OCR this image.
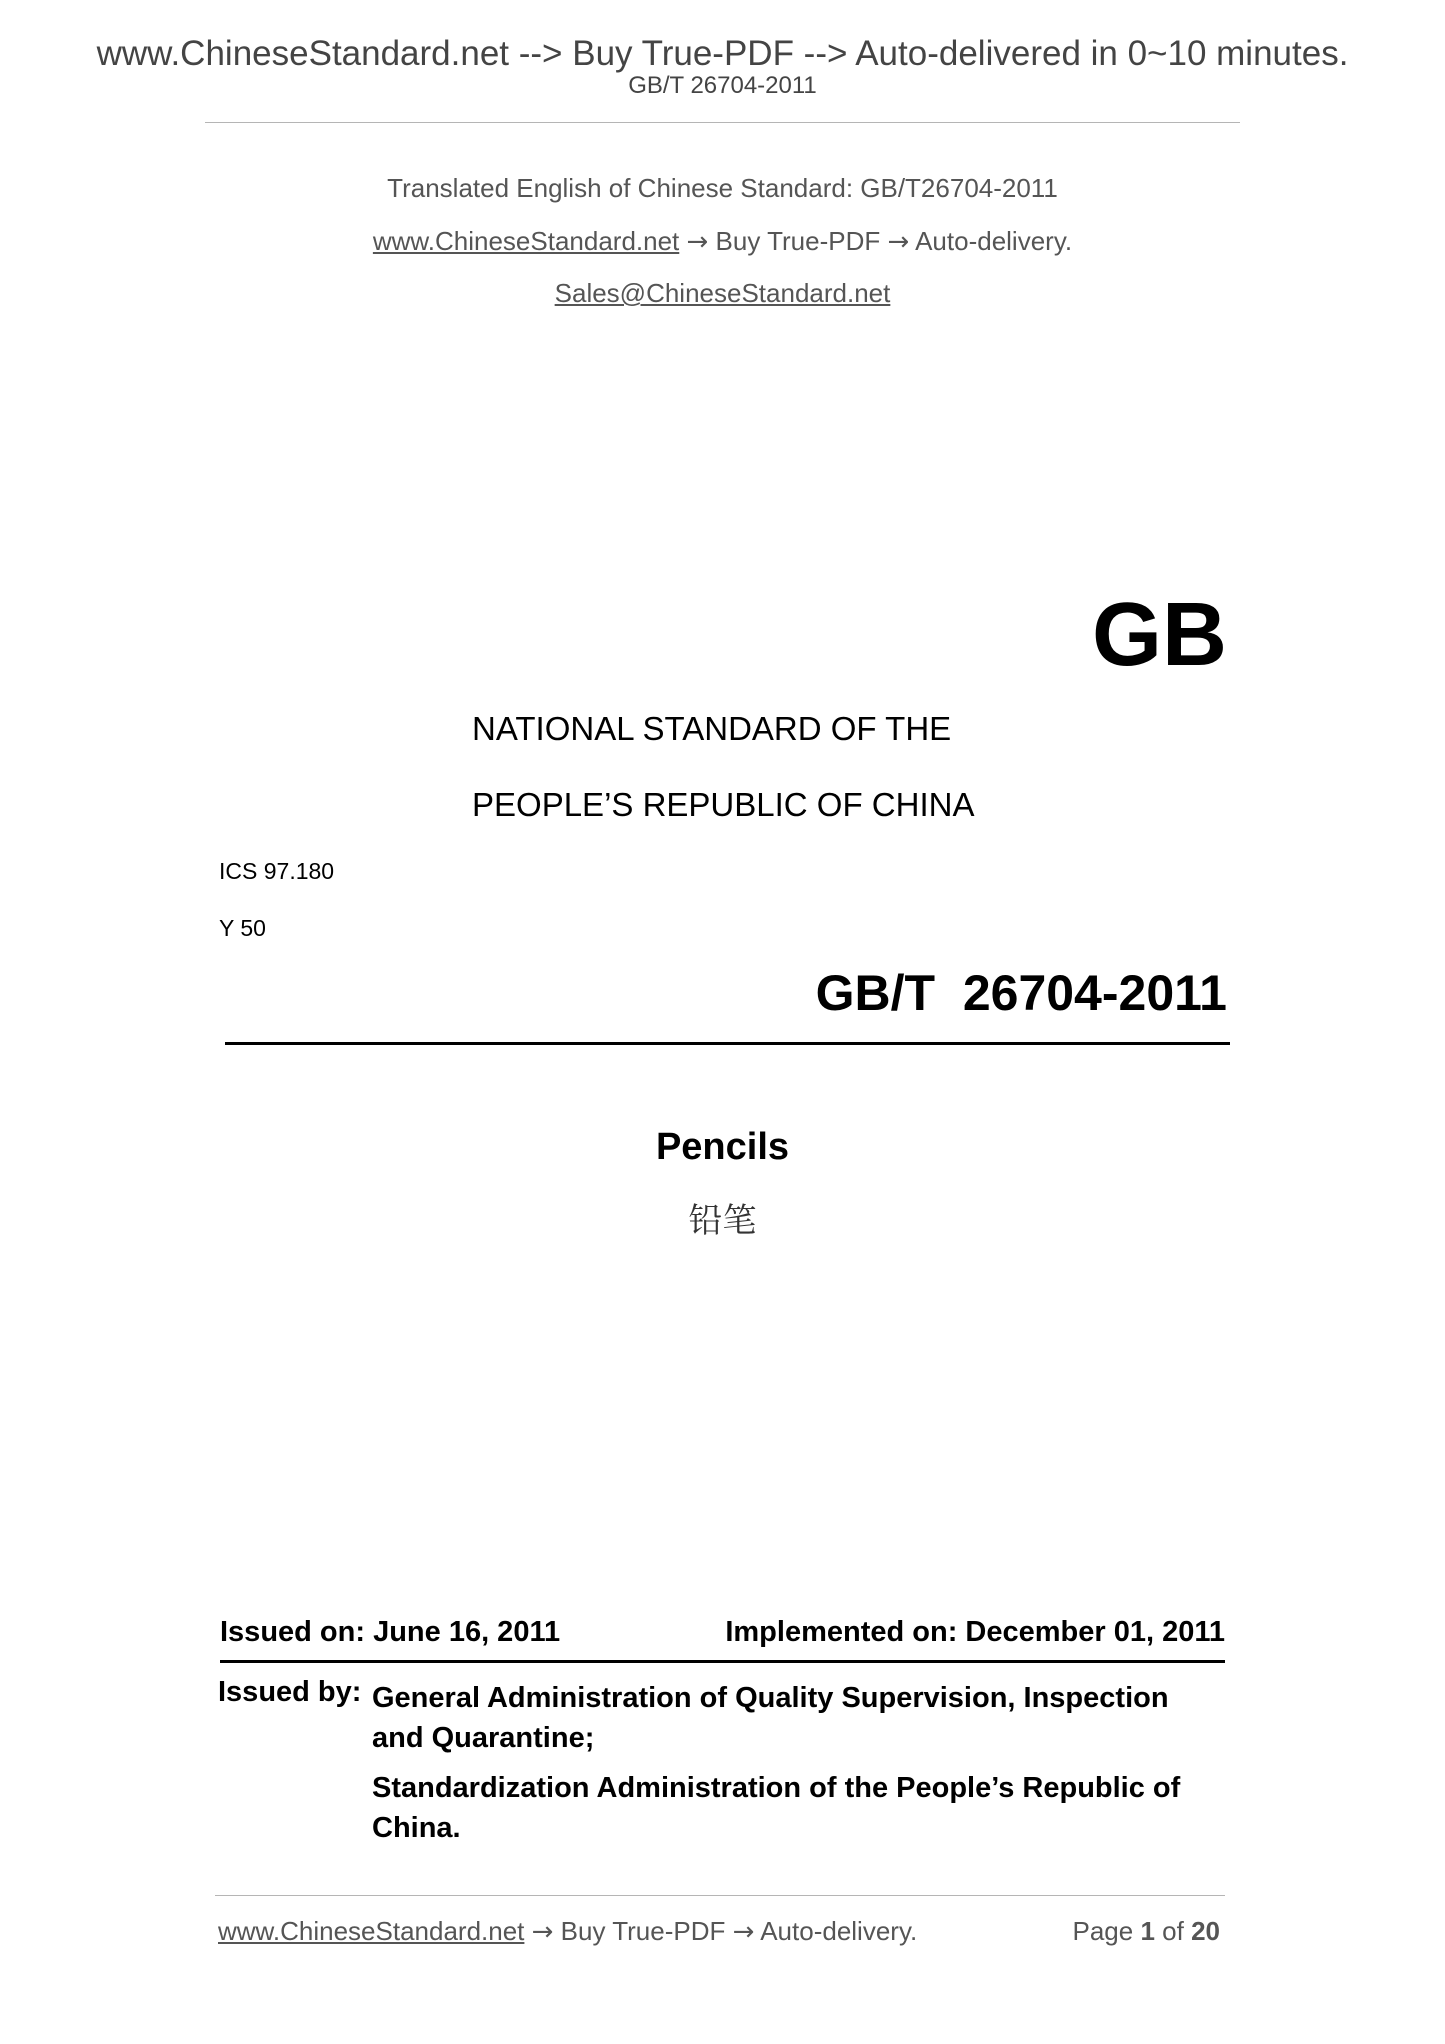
www.ChineseStandard.net --> Buy True-PDF --> Auto-delivered in 0~10 minutes.
GB/T 26704-2011
Translated English of Chinese Standard: GB/T26704-2011
www.ChineseStandard.net → Buy True-PDF → Auto-delivery.
Sales@ChineseStandard.net
GB
NATIONAL STANDARD OF THE
PEOPLE’S REPUBLIC OF CHINA
ICS 97.180
Y 50
GB/T  26704-2011
Pencils
铅笔
Issued on: June 16, 2011	Implemented on: December 01, 2011
Issued by: General Administration of Quality Supervision, Inspection and Quarantine;
Standardization Administration of the People’s Republic of China.
www.ChineseStandard.net → Buy True-PDF → Auto-delivery.	Page 1 of 20
